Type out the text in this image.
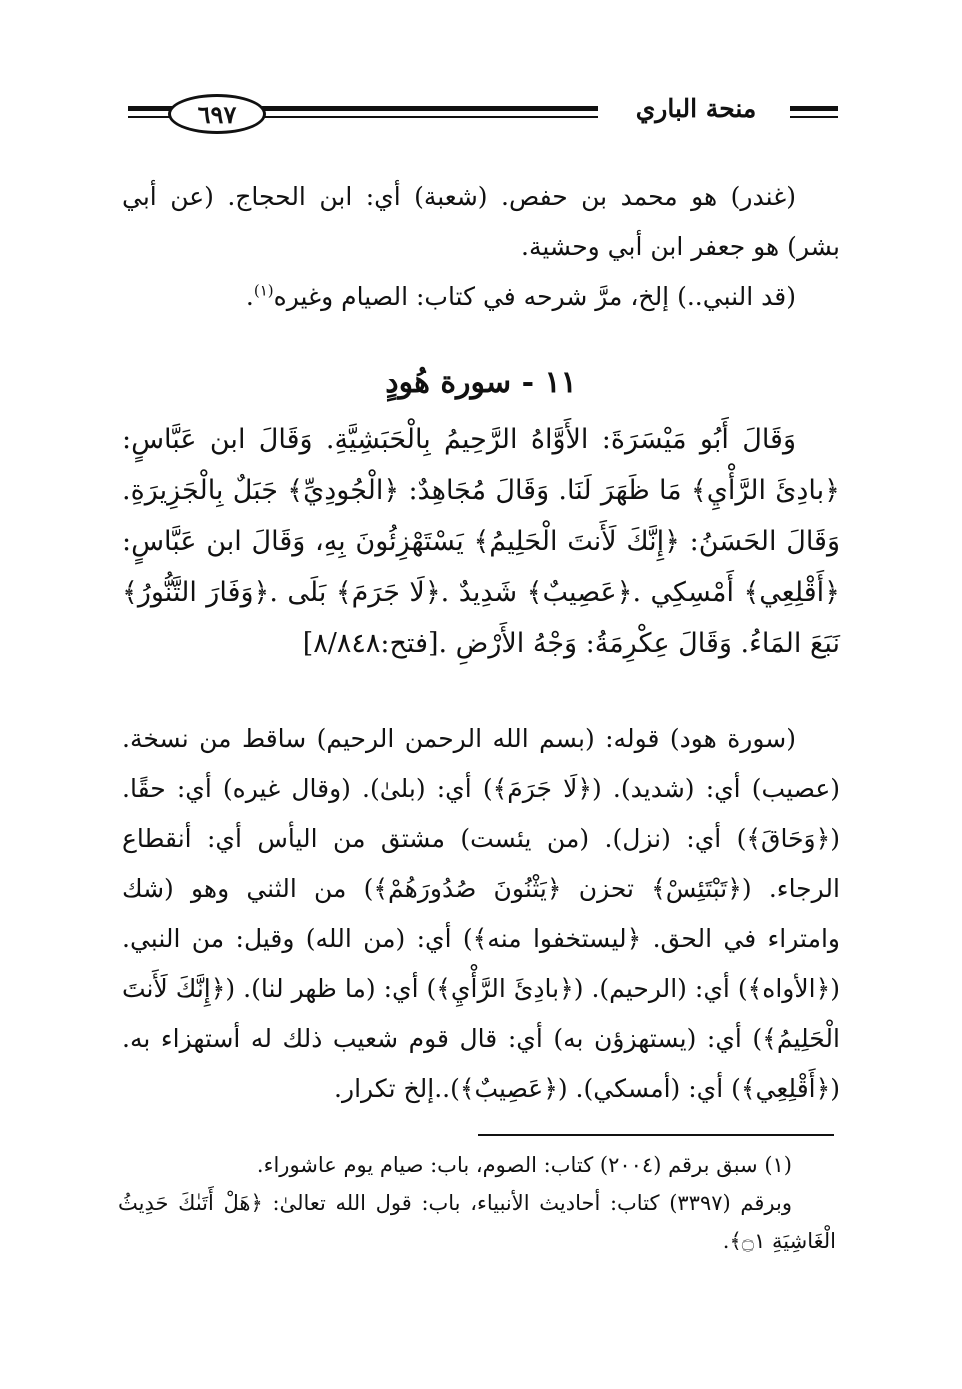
٦٩٧	منحة الباري

(غندر) هو محمد بن حفص. (شعبة) أي: ابن الحجاج. (عن أبي بشر) هو جعفر ابن أبي وحشية.

(قد النبي..) إلخ، مرَّ شرحه في كتاب: الصيام وغيره$^{(١)}$.

١١ - سورة هُودٍ

وَقَالَ أَبُو مَيْسَرَةَ: الأَوَّاهُ الرَّحِيمُ بِالْحَبَشِيَّةِ. وَقَالَ ابن عَبَّاسٍ: ﴿بادِئَ الرَّأْيِ﴾ مَا ظَهَرَ لَنَا. وَقَالَ مُجَاهِدٌ: ﴿الْجُودِيِّ﴾ جَبَلٌ بِالْجَزِيرَةِ. وَقَالَ الحَسَنُ: ﴿إِنَّكَ لَأَنتَ الْحَلِيمُ﴾ يَسْتَهْزِئُونَ بِهِ، وَقَالَ ابن عَبَّاسٍ: ﴿أَقْلِعِي﴾ أَمْسِكِي .﴿عَصِيبٌ﴾ شَدِيدٌ .﴿لَا جَرَمَ﴾ بَلَى .﴿وَفَارَ التَّنُّورُ﴾ نَبَعَ المَاءُ. وَقَالَ عِكْرِمَةُ: وَجْهُ الأَرْضِ .[فتح:٨/٨٤٨]

(سورة هود) قوله: (بسم الله الرحمن الرحيم) ساقط من نسخة. (عصيب) أي: (شديد). (﴿لَا جَرَمَ﴾) أي: (بلىٰ). (وقال غيره) أي: حقًا. (﴿وَحَاقَ﴾) أي: (نزل). (من يئست) مشتق من اليأس أي: أنقطاع الرجاء. (﴿تَبْتَئِسْ﴾ تحزن ﴿يَثْنُونَ صُدُورَهُمْ﴾) من الثني وهو (شك وامتراء في الحق. ﴿ليستخفوا منه﴾) أي: (من الله) وقيل: من النبي. (﴿الأواه﴾) أي: (الرحيم). (﴿بادِئَ الرَّأْيِ﴾) أي: (ما ظهر لنا). (﴿إِنَّكَ لَأَنتَ الْحَلِيمُ﴾) أي: (يستهزؤن به) أي: قال قوم شعيب ذلك له أستهزاء به. (﴿أَقْلِعِي﴾) أي: (أمسكي). (﴿عَصِيبٌ﴾)..إلخ تكرار.

(١) سبق برقم (٢٠٠٤) كتاب: الصوم، باب: صيام يوم عاشوراء.

وبرقم (٣٣٩٧) كتاب: أحاديث الأنبياء، باب: قول الله تعالىٰ: ﴿هَلْ أَتَىٰكَ حَدِيثُ الْغَاشِيَةِ ۝١﴾.
